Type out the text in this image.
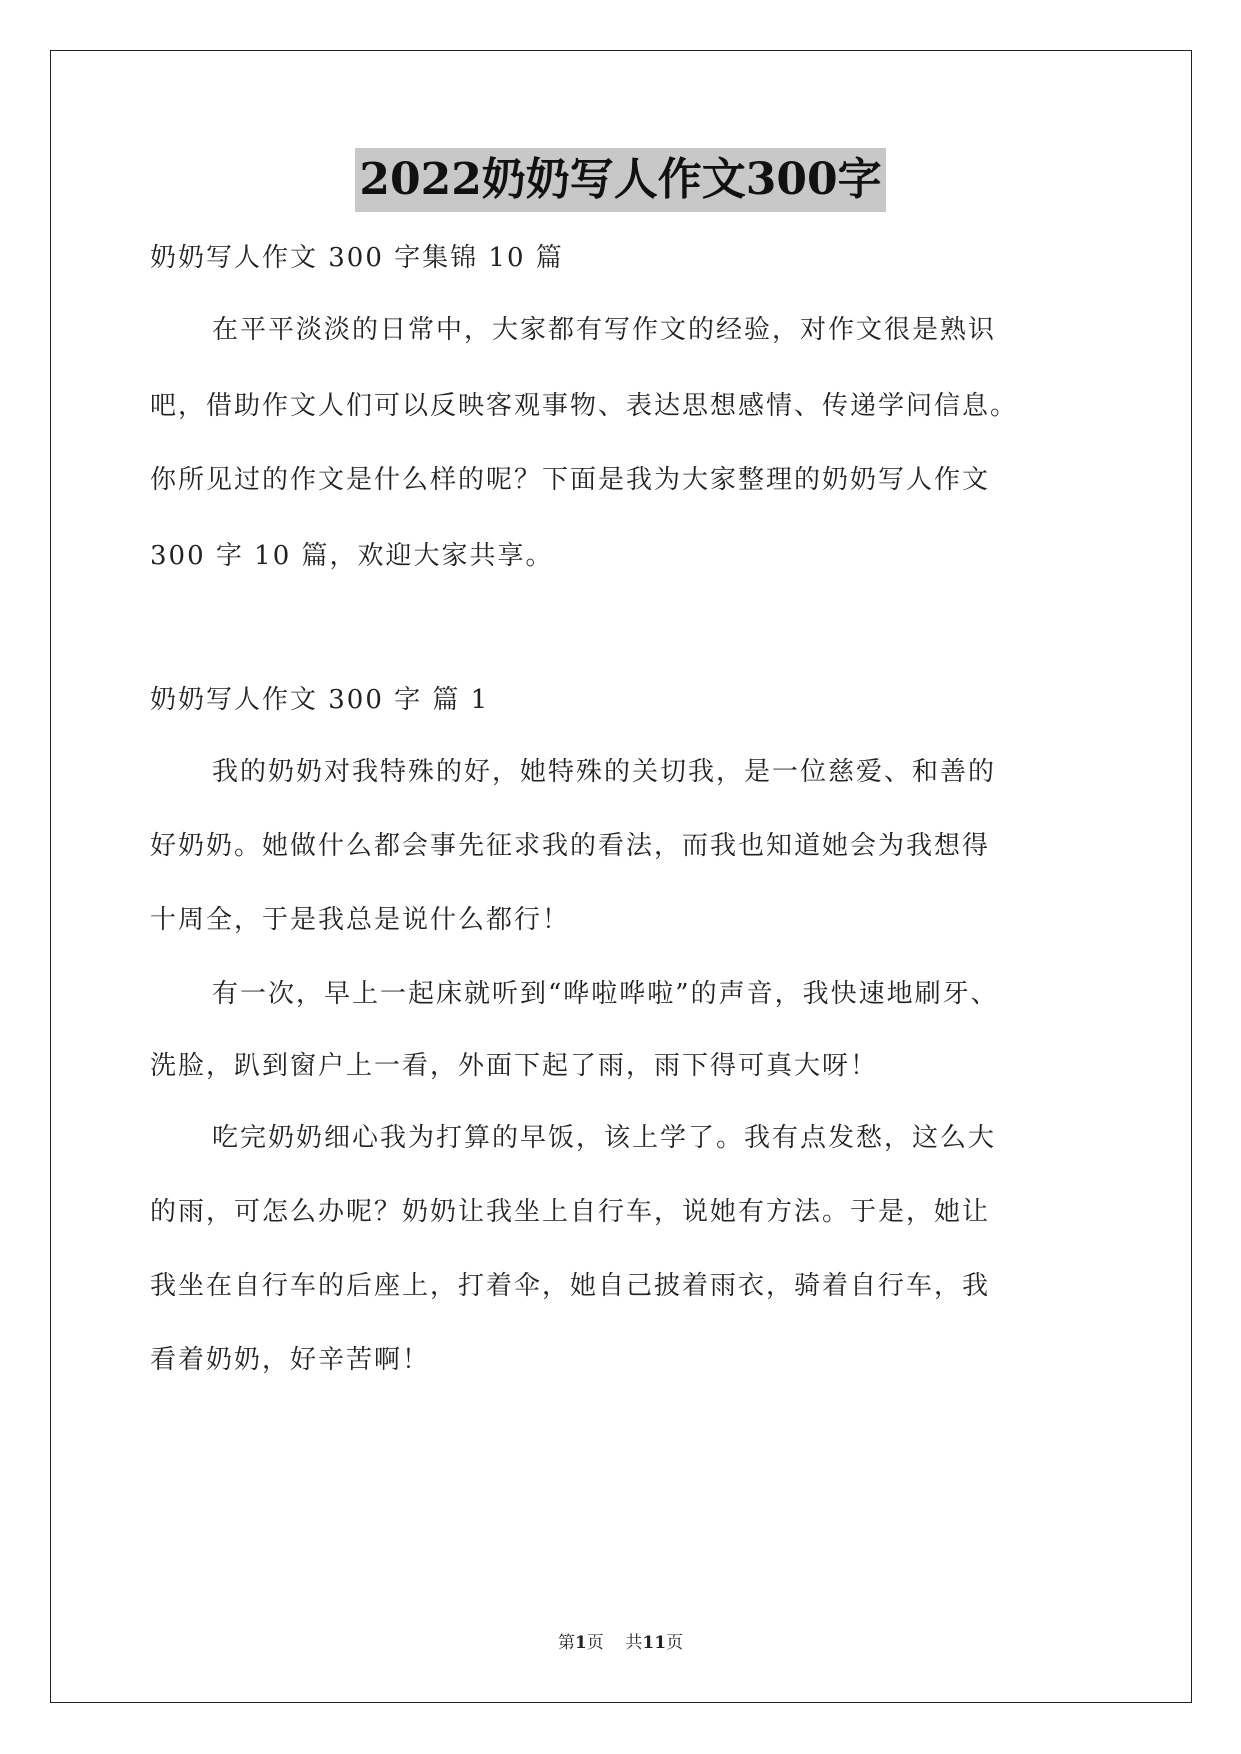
2022奶奶写人作文300字
奶奶写人作文 300 字集锦 10 篇
在平平淡淡的日常中，大家都有写作文的经验，对作文很是熟识
吧，借助作文人们可以反映客观事物、表达思想感情、传递学问信息。
你所见过的作文是什么样的呢？下面是我为大家整理的奶奶写人作文
300 字 10 篇，欢迎大家共享。
奶奶写人作文 300 字 篇 1
我的奶奶对我特殊的好，她特殊的关切我，是一位慈爱、和善的
好奶奶。她做什么都会事先征求我的看法，而我也知道她会为我想得
十周全，于是我总是说什么都行！
有一次，早上一起床就听到“哗啦哗啦”的声音，我快速地刷牙、
洗脸，趴到窗户上一看，外面下起了雨，雨下得可真大呀！
吃完奶奶细心我为打算的早饭，该上学了。我有点发愁，这么大
的雨，可怎么办呢？奶奶让我坐上自行车，说她有方法。于是，她让
我坐在自行车的后座上，打着伞，她自己披着雨衣，骑着自行车，我
看着奶奶，好辛苦啊！
第1页 共11页
